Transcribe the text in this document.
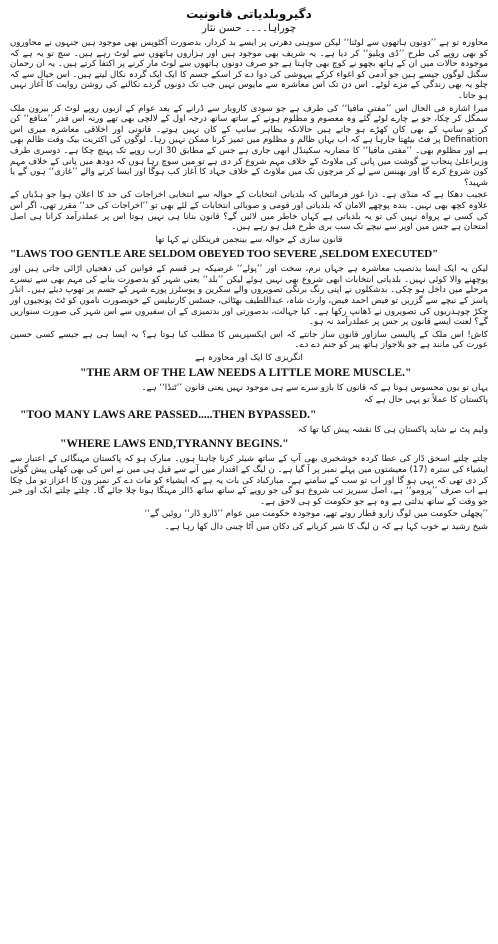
دگیروبلدیاتی قانونیت
چوراہا۔۔۔۔ حسن نثار

محاورہ تو ہے ’’دونوں ہاتھوں سے لوٹنا‘‘ لیکن سوہنی دھرتی پر ایسے بد کردار، بدصورت آکٹوپس بھی موجود ہیں جنہوں نے محاوروں کو بھی روپے کی طرح ’’ڈی ویلیو‘‘ کر دیا ہے۔ یہ شریف بھی موجود ہیں اور ہزاروں ہاتھوں سے لوٹ رہے ہیں۔ سچ تو یہ ہے کہ موجودہ حالات میں ان کے ہاتھ بچھو نے کوچ بھی چاہتا ہے جو صرف دونوں ہاتھوں سے لوٹ مار کرنے پر اکتفا کرتے ہیں۔ یہ ان رحمان سگنل لوگوں جیسے ہیں جو آدمی کو اغواء کرکے بیہوشی کی دوا دے کر اسکے جسم کا ایک ایک گردہ نکال لیتے ہیں۔ اس خیال سے کہ چلو یہ بھی زندگی کے مزے لوٹے۔ اس دن تک اس معاشرہ سے مایوس نہیں جب تک دونوں گردے نکالنے کی روشن روایت کا آغاز نہیں ہو جاتا۔

میرا اشارہ فی الحال اس ’’مفتی مافیا‘‘ کی طرف ہے جو سودی کاروبار سے ڈرانے کے بعد عوام کے اربوں روپے لوٹ کر بیرون ملک سمگل کر چکا، جو بے چارے لوٹے گئے وہ معصوم و مظلوم ہونے کے ساتھ ساتھ درجہ اول کے لالچی بھی تھے ورنہ اس قدر ’’منافع‘‘ کن کر تو سانپ کے بھی کان کھڑے ہو جاتے ہیں حالانکہ بظاہر سانپ کے کان نہیں ہوتے۔ قانونی اور اخلاقی معاشرہ میری اس Defination پر فٹ بیٹھتا جارہا ہے کہ اب یہاں ظالم و مظلوم میں تمیز کرنا ممکن نہیں رہا۔ لوگوں کی اکثریت بیک وقت ظالم بھی ہے اور مظلوم بھی۔ ’’مفتی مافیا‘‘ کا مضاربہ سکینڈل ابھی جاری ہے جس کے مطابق 30 ارب روپے تک پہنچ چکا ہے۔ دوسری طرف وزیراعلیٰ پنجاب نے گوشت میں پانی کی ملاوٹ کے خلاف مہم شروع کر دی ہے تو میں سوچ رہا ہوں کہ دودھ میں پانی کے خلاف مہم کون شروع کرے گا اور بھینس سے لے کر مرچوں تک میں ملاوٹ کے خلاف جہاد کا آغاز کب ہوگا اور ایسا کرنے والے ’’غازی‘‘ ہوں گے یا شہید؟

عجیب دھکا ہے کہ منڈی ہے۔ ذرا غور فرمائیں کہ بلدیاتی انتخابات کے حوالہ سے انتخابی اخراجات کی حد کا اعلان ہوا جو ہڈیاں کے علاوہ کچھ بھی نہیں۔ بندہ پوچھے الامان کہ بلدیاتی اور قومی و صوبائی انتخابات کے لئے بھی تو ’’اخراجات کی حد‘‘ مقرر تھی، اگر اس کی کسی نے پرواہ نہیں کی تو یہ بلدیاتی ہے کہاں خاطر میں لائیں گے؟ قانون بنانا ہی نہیں ہوتا اس پر عملدرآمد کرانا ہی اصل امتحان ہے جس میں اوپر سے نیچے تک سب بری طرح فیل ہو رہے ہیں۔

قانون سازی کے حوالہ سے بینجمن فرینکلن نے کہا تھا

"LAWS TOO GENTLE ARE SELDOM OBEYED TOO SEVERE ,SELDOM EXECUTED"

لیکن یہ ایک ایسا بدنصیب معاشرہ ہے جہاں نرم، سخت اور ’’پولے‘‘ غرضیکہ ہر قسم کے قوانین کی دھجیاں اڑائی جاتی ہیں اور پوچھنے والا کوئی نہیں۔ بلدیاتی انتخابات ابھی شروع بھی نہیں ہوئے لیکن ’’بلد‘‘ یعنی شہر کو بدصورت بنانے کی مہم بھی سے تیسرے مرحلے میں داخل ہو چکی۔ بدشکلوں نے اپنی رنگ برنگی تصویروں والے سکرین و پوسٹرز پورے شہر کے جسم پر تھوپ دیئے ہیں۔ انڈر پاسز کے نیچے سے گزریں تو فیض احمد فیض، وارث شاہ، عبداللطیف بھٹائی، جسٹس کارنیلیس کے خوبصورت ناموں کو ٹٹ پونجیوں اور چکڑ چوہدریوں کی تصویروں نے ڈھانپ رکھا ہے۔ کیا جہالت، بدصورتی اور بدتمیزی کے ان سفیروں سے اس شہر کی صورت سنواریں گے؟ لعنت ایسے قانون پر جس پر عملدرآمد نہ ہو۔

کاش! اس ملک کے پالیسی سازاور قانون ساز جانتے کہ اس ایکسپریس کا مطلب کیا ہوتا ہے؟ یہ ایسا ہی ہے جیسے کسی حسین عورت کی مانند ہے جو بلاجواز ہاتھ پیر کو جنم دے دے۔

انگریزی کا ایک اور محاورہ ہے

"THE ARM OF THE LAW NEEDS A LITTLE MORE MUSCLE."

یہاں تو یوں محسوس ہوتا ہے کہ قانون کا بازو سرے سے ہی موجود نہیں یعنی قانون ’’ٹنڈا‘‘ ہے۔

پاکستان کا عملاً تو یہی حال ہے کہ

"TOO MANY LAWS ARE PASSED.....THEN BYPASSED."

ولیم پٹ نے شاید پاکستان ہی کا نقشہ پیش کیا تھا کہ

"WHERE LAWS END,TYRANNY BEGINS."

چلتے چلتے اسحق ڈار کی عطا کردہ خوشخبری بھی آپ کے ساتھ شیئر کرنا چاہتا ہوں۔ مبارک ہو کہ پاکستان مہنگائی کے اعتبار سے ایشیاء کی سترہ (17) معیشتوں میں پہلے نمبر پر آ گیا ہے۔ ن لیگ کے اقتدار میں آنے سے قبل ہی میں نے اس کی بھی کھلی پیش گوئی کر دی تھی کہ یہی ہو گا اور اب تو سب کے سامنے ہے۔ مبارکباد کی بات یہ ہے کہ ایشیاء کو مات دے کر نمبر ون کا اعزاز تو مل چکا ہے اب صرف ’’پرومو‘‘ ہے، اصل سیریز تب شروع ہو گی جو روپے کے ساتھ ساتھ ڈالر مہنگا ہوتا چلا جائے گا۔ چلتے چلتے ایک اور خبر جو وقت کے ساتھ بدلتی ہے وہ ہے جو حکومت کو ہی لاحق ہے۔

’’پچھلی حکومت میں لوگ زارو قطار روتے تھے، موجودہ حکومت میں عوام ’’ڈارو ڈار‘‘ روئیں گے‘‘

شیخ رشید نے خوب کہا ہے کہ ن لیگ کا شیر کریانے کی دکان میں آٹا چینی دال کھا رہا ہے۔
